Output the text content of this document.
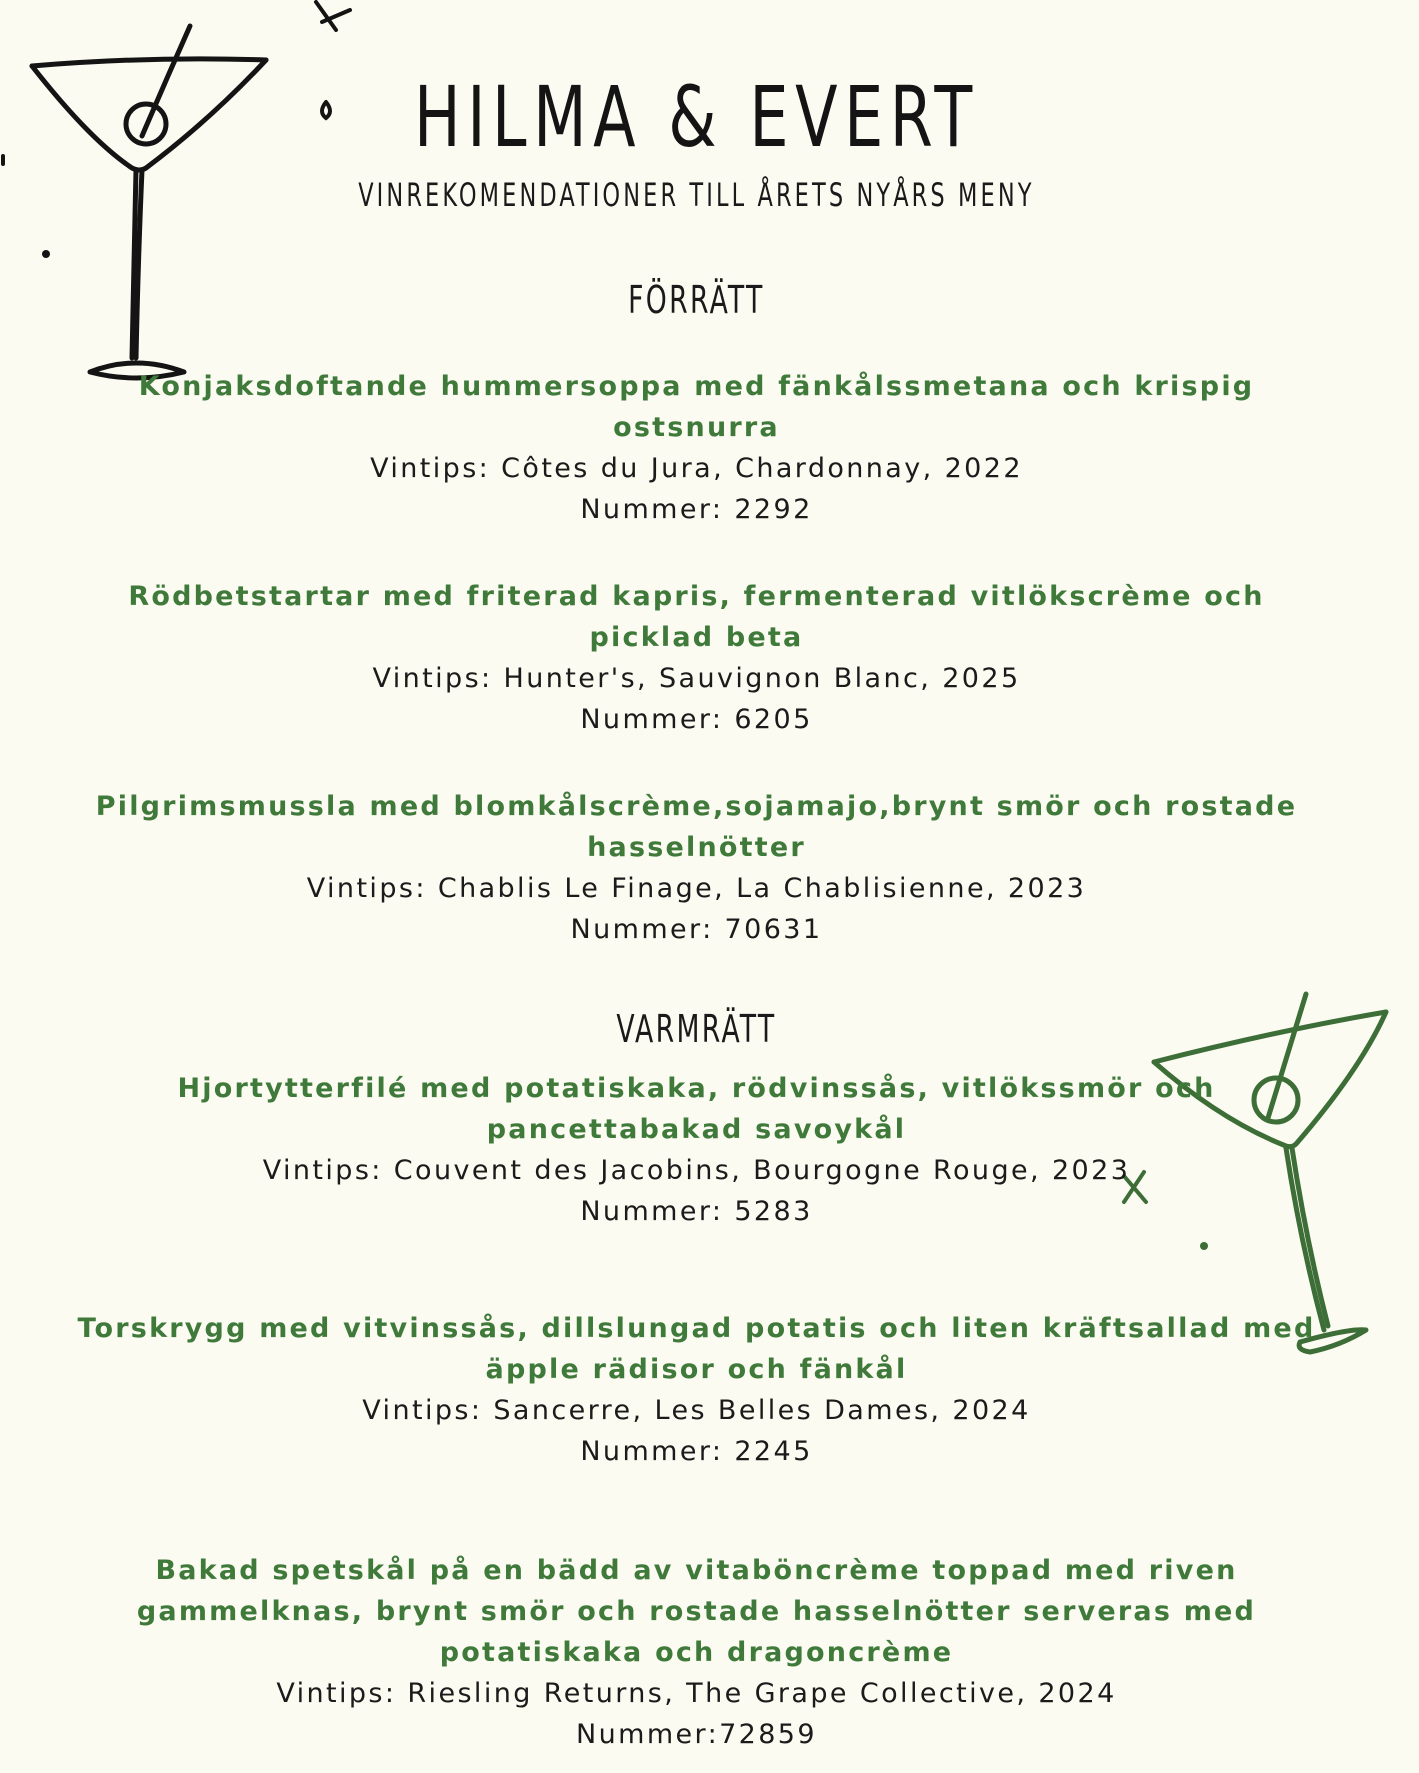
HILMA & EVERT
VINREKOMENDATIONER TILL ÅRETS NYÅRS MENY
FÖRRÄTT
Konjaksdoftande hummersoppa med fänkålssmetana och krispig ostsnurra
Vintips: Côtes du Jura, Chardonnay, 2022
Nummer: 2292
Rödbetstartar med friterad kapris, fermenterad vitlökscrème och picklad beta
Vintips: Hunter's, Sauvignon Blanc, 2025
Nummer: 6205
Pilgrimsmussla med blomkålscrème,sojamajo,brynt smör och rostade hasselnötter
Vintips: Chablis Le Finage, La Chablisienne, 2023
Nummer: 70631
VARMRÄTT
Hjortytterfilé med potatiskaka, rödvinssås, vitlökssmör och pancettabakad savoykål
Vintips: Couvent des Jacobins, Bourgogne Rouge, 2023
Nummer: 5283
Torskrygg med vitvinssås, dillslungad potatis och liten kräftsallad med äpple rädisor och fänkål
Vintips: Sancerre, Les Belles Dames, 2024
Nummer: 2245
Bakad spetskål på en bädd av vitaböncrème toppad med riven gammelknas, brynt smör och rostade hasselnötter serveras med potatiskaka och dragoncrème
Vintips: Riesling Returns, The Grape Collective, 2024
Nummer:72859
